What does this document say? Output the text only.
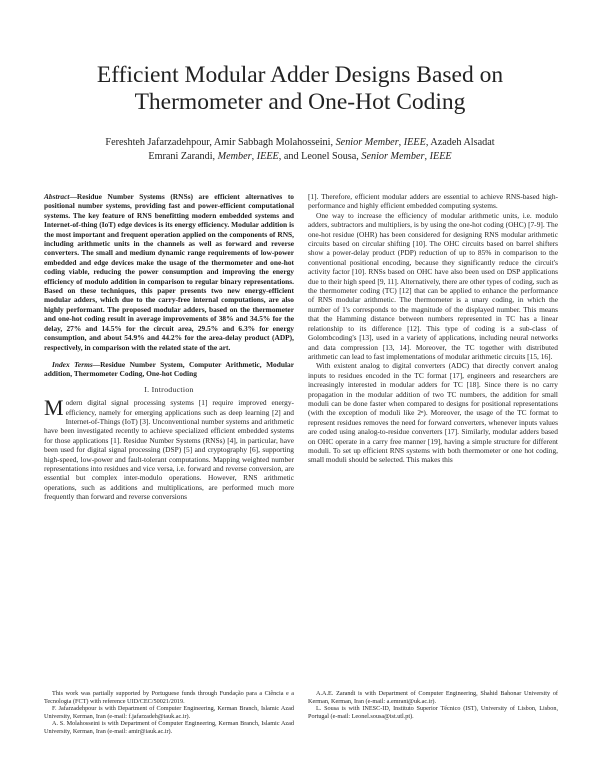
Efficient Modular Adder Designs Based on Thermometer and One-Hot Coding
Fereshteh Jafarzadehpour, Amir Sabbagh Molahosseini, Senior Member, IEEE, Azadeh Alsadat
Emrani Zarandi, Member, IEEE, and Leonel Sousa, Senior Member, IEEE

Abstract—Residue Number Systems (RNSs) are efficient alternatives to positional number systems, providing fast and power-efficient computational systems. The key feature of RNS benefitting modern embedded systems and Internet-of-thing (IoT) edge devices is its energy efficiency. Modular addition is the most important and frequent operation applied on the components of RNS, including arithmetic units in the channels as well as forward and reverse converters. The small and medium dynamic range requirements of low-power embedded and edge devices make the usage of the thermometer and one-hot coding viable, reducing the power consumption and improving the energy efficiency of modulo addition in comparison to regular binary representations. Based on these techniques, this paper presents two new energy-efficient modular adders, which due to the carry-free internal computations, are also highly performant. The proposed modular adders, based on the thermometer and one-hot coding result in average improvements of 38% and 34.5% for the delay, 27% and 14.5% for the circuit area, 29.5% and 6.3% for energy consumption, and about 54.9% and 44.2% for the area-delay product (ADP), respectively, in comparison with the related state of the art.

Index Terms—Residue Number System, Computer Arithmetic, Modular addition, Thermometer Coding, One-hot Coding

I. Introduction

Modern digital signal processing systems [1] require improved energy-efficiency, namely for emerging applications such as deep learning [2] and Internet-of-Things (IoT) [3]. Unconventional number systems and arithmetic have been investigated recently to achieve specialized efficient embedded systems for those applications [1]. Residue Number Systems (RNSs) [4], in particular, have been used for digital signal processing (DSP) [5] and cryptography [6], supporting high-speed, low-power and fault-tolerant computations. Mapping weighted number representations into residues and vice versa, i.e. forward and reverse conversion, are essential but complex inter-modulo operations. However, RNS arithmetic operations, such as additions and multiplications, are performed much more frequently than forward and reverse conversions

[1]. Therefore, efficient modular adders are essential to achieve RNS-based high-performance and highly efficient embedded computing systems.

One way to increase the efficiency of modular arithmetic units, i.e. modulo adders, subtractors and multipliers, is by using the one-hot coding (OHC) [7-9]. The one-hot residue (OHR) has been considered for designing RNS modular arithmetic circuits based on circular shifting [10]. The OHC circuits based on barrel shifters show a power-delay product (PDP) reduction of up to 85% in comparison to the conventional positional encoding, because they significantly reduce the circuit's activity factor [10]. RNSs based on OHC have also been used on DSP applications due to their high speed [9, 11]. Alternatively, there are other types of coding, such as the thermometer coding (TC) [12] that can be applied to enhance the performance of RNS modular arithmetic. The thermometer is a unary coding, in which the number of 1's corresponds to the magnitude of the displayed number. This means that the Hamming distance between numbers represented in TC has a linear relationship to its difference [12]. This type of coding is a sub-class of Golombcoding's [13], used in a variety of applications, including neural networks and data compression [13, 14]. Moreover, the TC together with distributed arithmetic can lead to fast implementations of modular arithmetic circuits [15, 16].

With existent analog to digital converters (ADC) that directly convert analog inputs to residues encoded in the TC format [17], engineers and researchers are increasingly interested in modular adders for TC [18]. Since there is no carry propagation in the modular addition of two TC numbers, the addition for small moduli can be done faster when compared to designs for positional representations (with the exception of moduli like 2ⁿ). Moreover, the usage of the TC format to represent residues removes the need for forward converters, whenever inputs values are coded using analog-to-residue converters [17]. Similarly, modular adders based on OHC operate in a carry free manner [19], having a simple structure for different moduli. To set up efficient RNS systems with both thermometer or one hot coding, small moduli should be selected. This makes this

This work was partially supported by Portuguese funds through Fundação para a Ciência e a Tecnologia (FCT) with reference UID/CEC/50021/2019.

F. Jafarzadehpour is with Department of Computer Engineering, Kerman Branch, Islamic Azad University, Kerman, Iran (e-mail: f.jafarzadeh@iauk.ac.ir).

A. S. Molahosseini is with Department of Computer Engineering, Kerman Branch, Islamic Azad University, Kerman, Iran (e-mail: amir@iauk.ac.ir).

A.A.E. Zarandi is with Department of Computer Engineering, Shahid Bahonar University of Kerman, Kerman, Iran (e-mail: a.emrani@uk.ac.ir).

L. Sousa is with INESC-ID, Instituto Superior Técnico (IST), University of Lisbon, Lisbon, Portugal (e-mail: Leonel.sousa@ist.utl.pt).
